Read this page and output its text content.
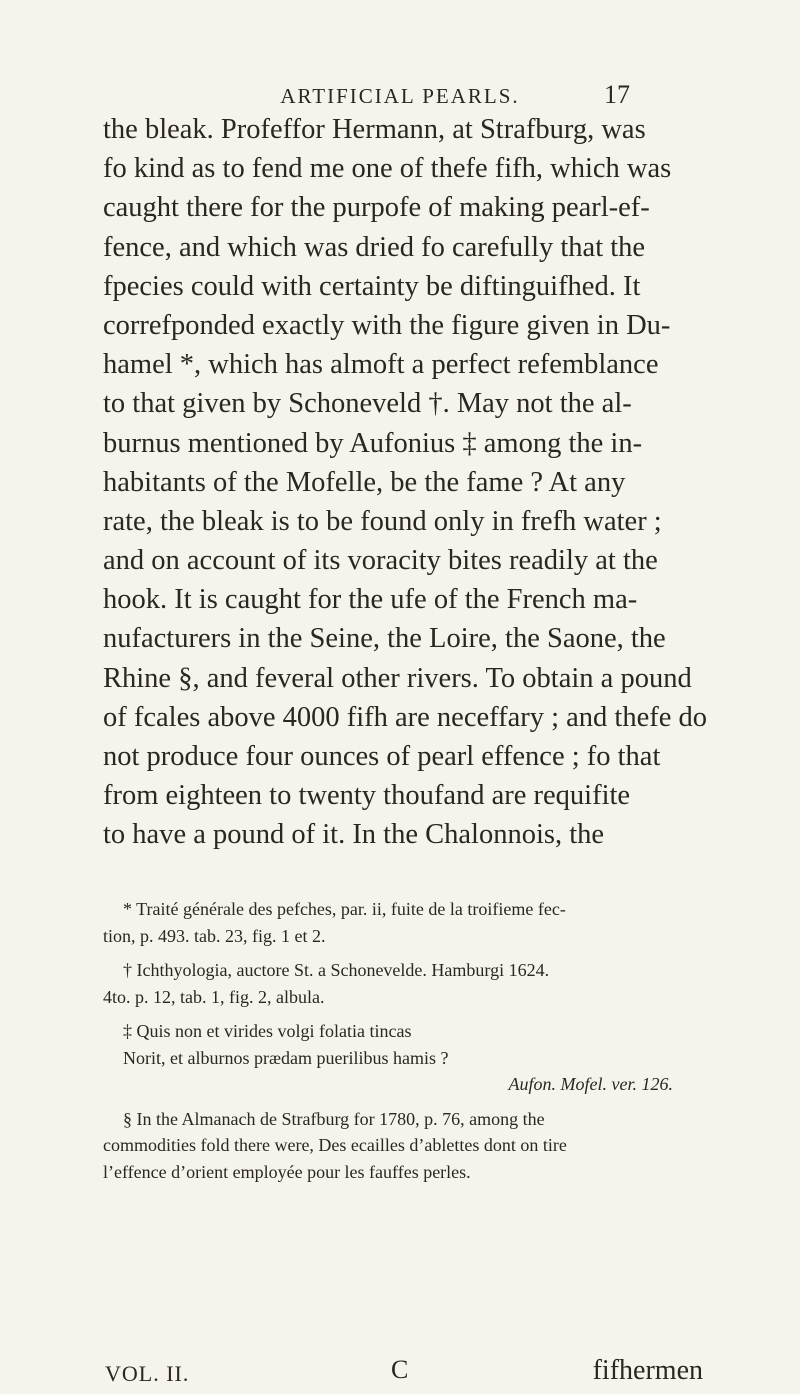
ARTIFICIAL PEARLS.	17
the bleak. Profeffor Hermann, at Strafburg, was
fo kind as to fend me one of thefe fifh, which was
caught there for the purpofe of making pearl-ef-
fence, and which was dried fo carefully that the
fpecies could with certainty be diftinguifhed. It
correfponded exactly with the figure given in Du-
hamel *, which has almoft a perfect refemblance
to that given by Schoneveld †. May not the al-
burnus mentioned by Aufonius ‡ among the in-
habitants of the Mofelle, be the fame ? At any
rate, the bleak is to be found only in frefh water ;
and on account of its voracity bites readily at the
hook. It is caught for the ufe of the French ma-
nufacturers in the Seine, the Loire, the Saone, the
Rhine §, and feveral other rivers. To obtain a pound
of fcales above 4000 fifh are neceffary ; and thefe do
not produce four ounces of pearl effence ; fo that
from eighteen to twenty thoufand are requifite
to have a pound of it. In the Chalonnois, the
* Traité générale des pefches, par. ii, fuite de la troifieme fec-
tion, p. 493. tab. 23, fig. 1 et 2.
† Ichthyologia, auctore St. a Schonevelde. Hamburgi 1624.
4to. p. 12, tab. 1, fig. 2, albula.
‡ Quis non et virides volgi folatia tincas
Norit, et alburnos prædam puerilibus hamis ?
Aufon. Mofel. ver. 126.
§ In the Almanach de Strafburg for 1780, p. 76, among the
commodities fold there were, Des ecailles d’ablettes dont on tire
l’effence d’orient employée pour les fauffes perles.
VOL. II.	C	fifhermen
